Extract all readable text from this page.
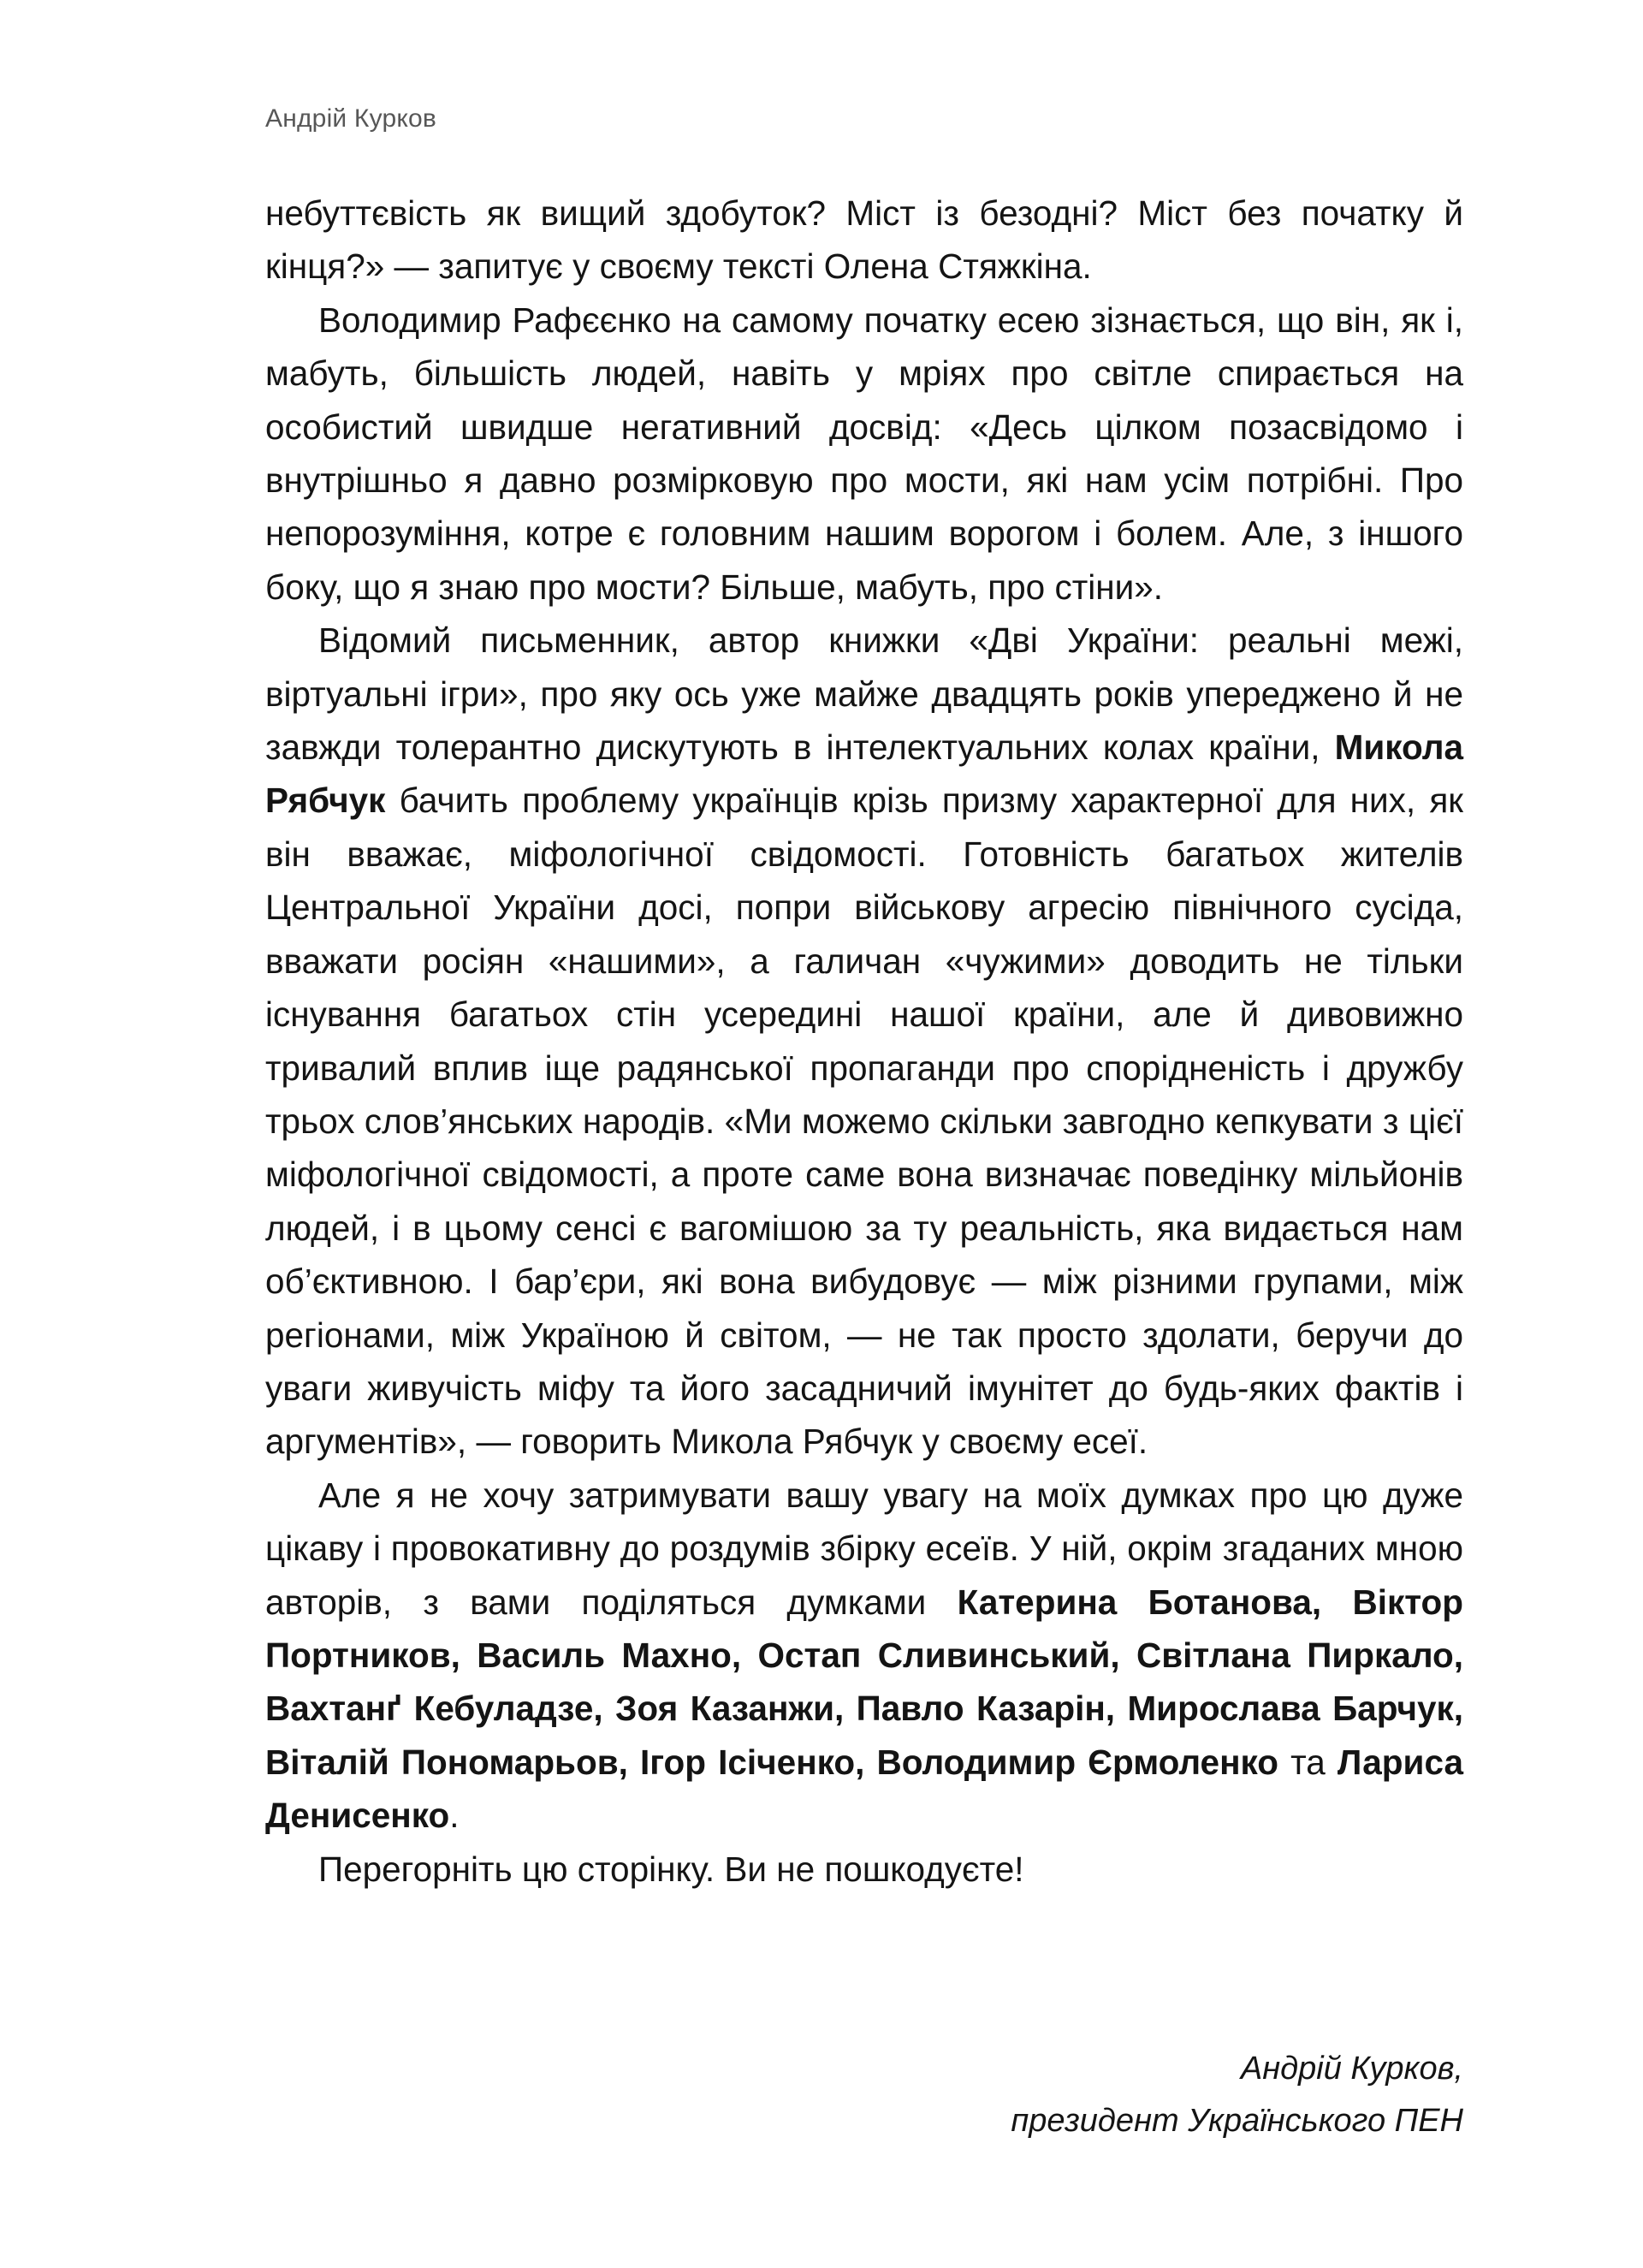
Андрій Курков

небуттєвість як вищий здобуток? Міст із безодні? Міст без початку й кінця?» — запитує у своєму тексті Олена Стяжкіна.

Володимир Рафєєнко на самому початку есею зізнається, що він, як і, мабуть, більшість людей, навіть у мріях про світле спирається на особистий швидше негативний досвід: «Десь цілком позасвідомо і внутрішньо я давно розмірковую про мости, які нам усім потрібні. Про непорозуміння, котре є головним нашим ворогом і болем. Але, з іншого боку, що я знаю про мости? Більше, мабуть, про стіни».

Відомий письменник, автор книжки «Дві України: реальні межі, віртуальні ігри», про яку ось уже майже двадцять років упереджено й не завжди толерантно дискутують в інтелектуальних колах країни, Микола Рябчук бачить проблему українців крізь призму характерної для них, як він вважає, міфологічної свідомості. Готовність багатьох жителів Центральної України досі, попри військову агресію північного сусіда, вважати росіян «нашими», а галичан «чужими» доводить не тільки існування багатьох стін усередині нашої країни, але й дивовижно тривалий вплив іще радянської пропаганди про спорідненість і дружбу трьох слов’янських народів. «Ми можемо скільки завгодно кепкувати з цієї міфологічної свідомості, а проте саме вона визначає поведінку мільйонів людей, і в цьому сенсі є вагомішою за ту реальність, яка видається нам об’єктивною. І бар’єри, які вона вибудовує — між різними групами, між регіонами, між Україною й світом, — не так просто здолати, беручи до уваги живучість міфу та його засадничий імунітет до будь-яких фактів і аргументів», — говорить Микола Рябчук у своєму есеї.

Але я не хочу затримувати вашу увагу на моїх думках про цю дуже цікаву і провокативну до роздумів збірку есеїв. У ній, окрім згаданих мною авторів, з вами поділяться думками Катерина Ботанова, Віктор Портников, Василь Махно, Остап Сливинський, Світлана Пиркало, Вахтанґ Кебуладзе, Зоя Казанжи, Павло Казарін, Мирослава Барчук, Віталій Пономарьов, Ігор Ісіченко, Володимир Єрмоленко та Лариса Денисенко.

Перегорніть цю сторінку. Ви не пошкодуєте!

Андрій Курков,
президент Українського ПЕН
